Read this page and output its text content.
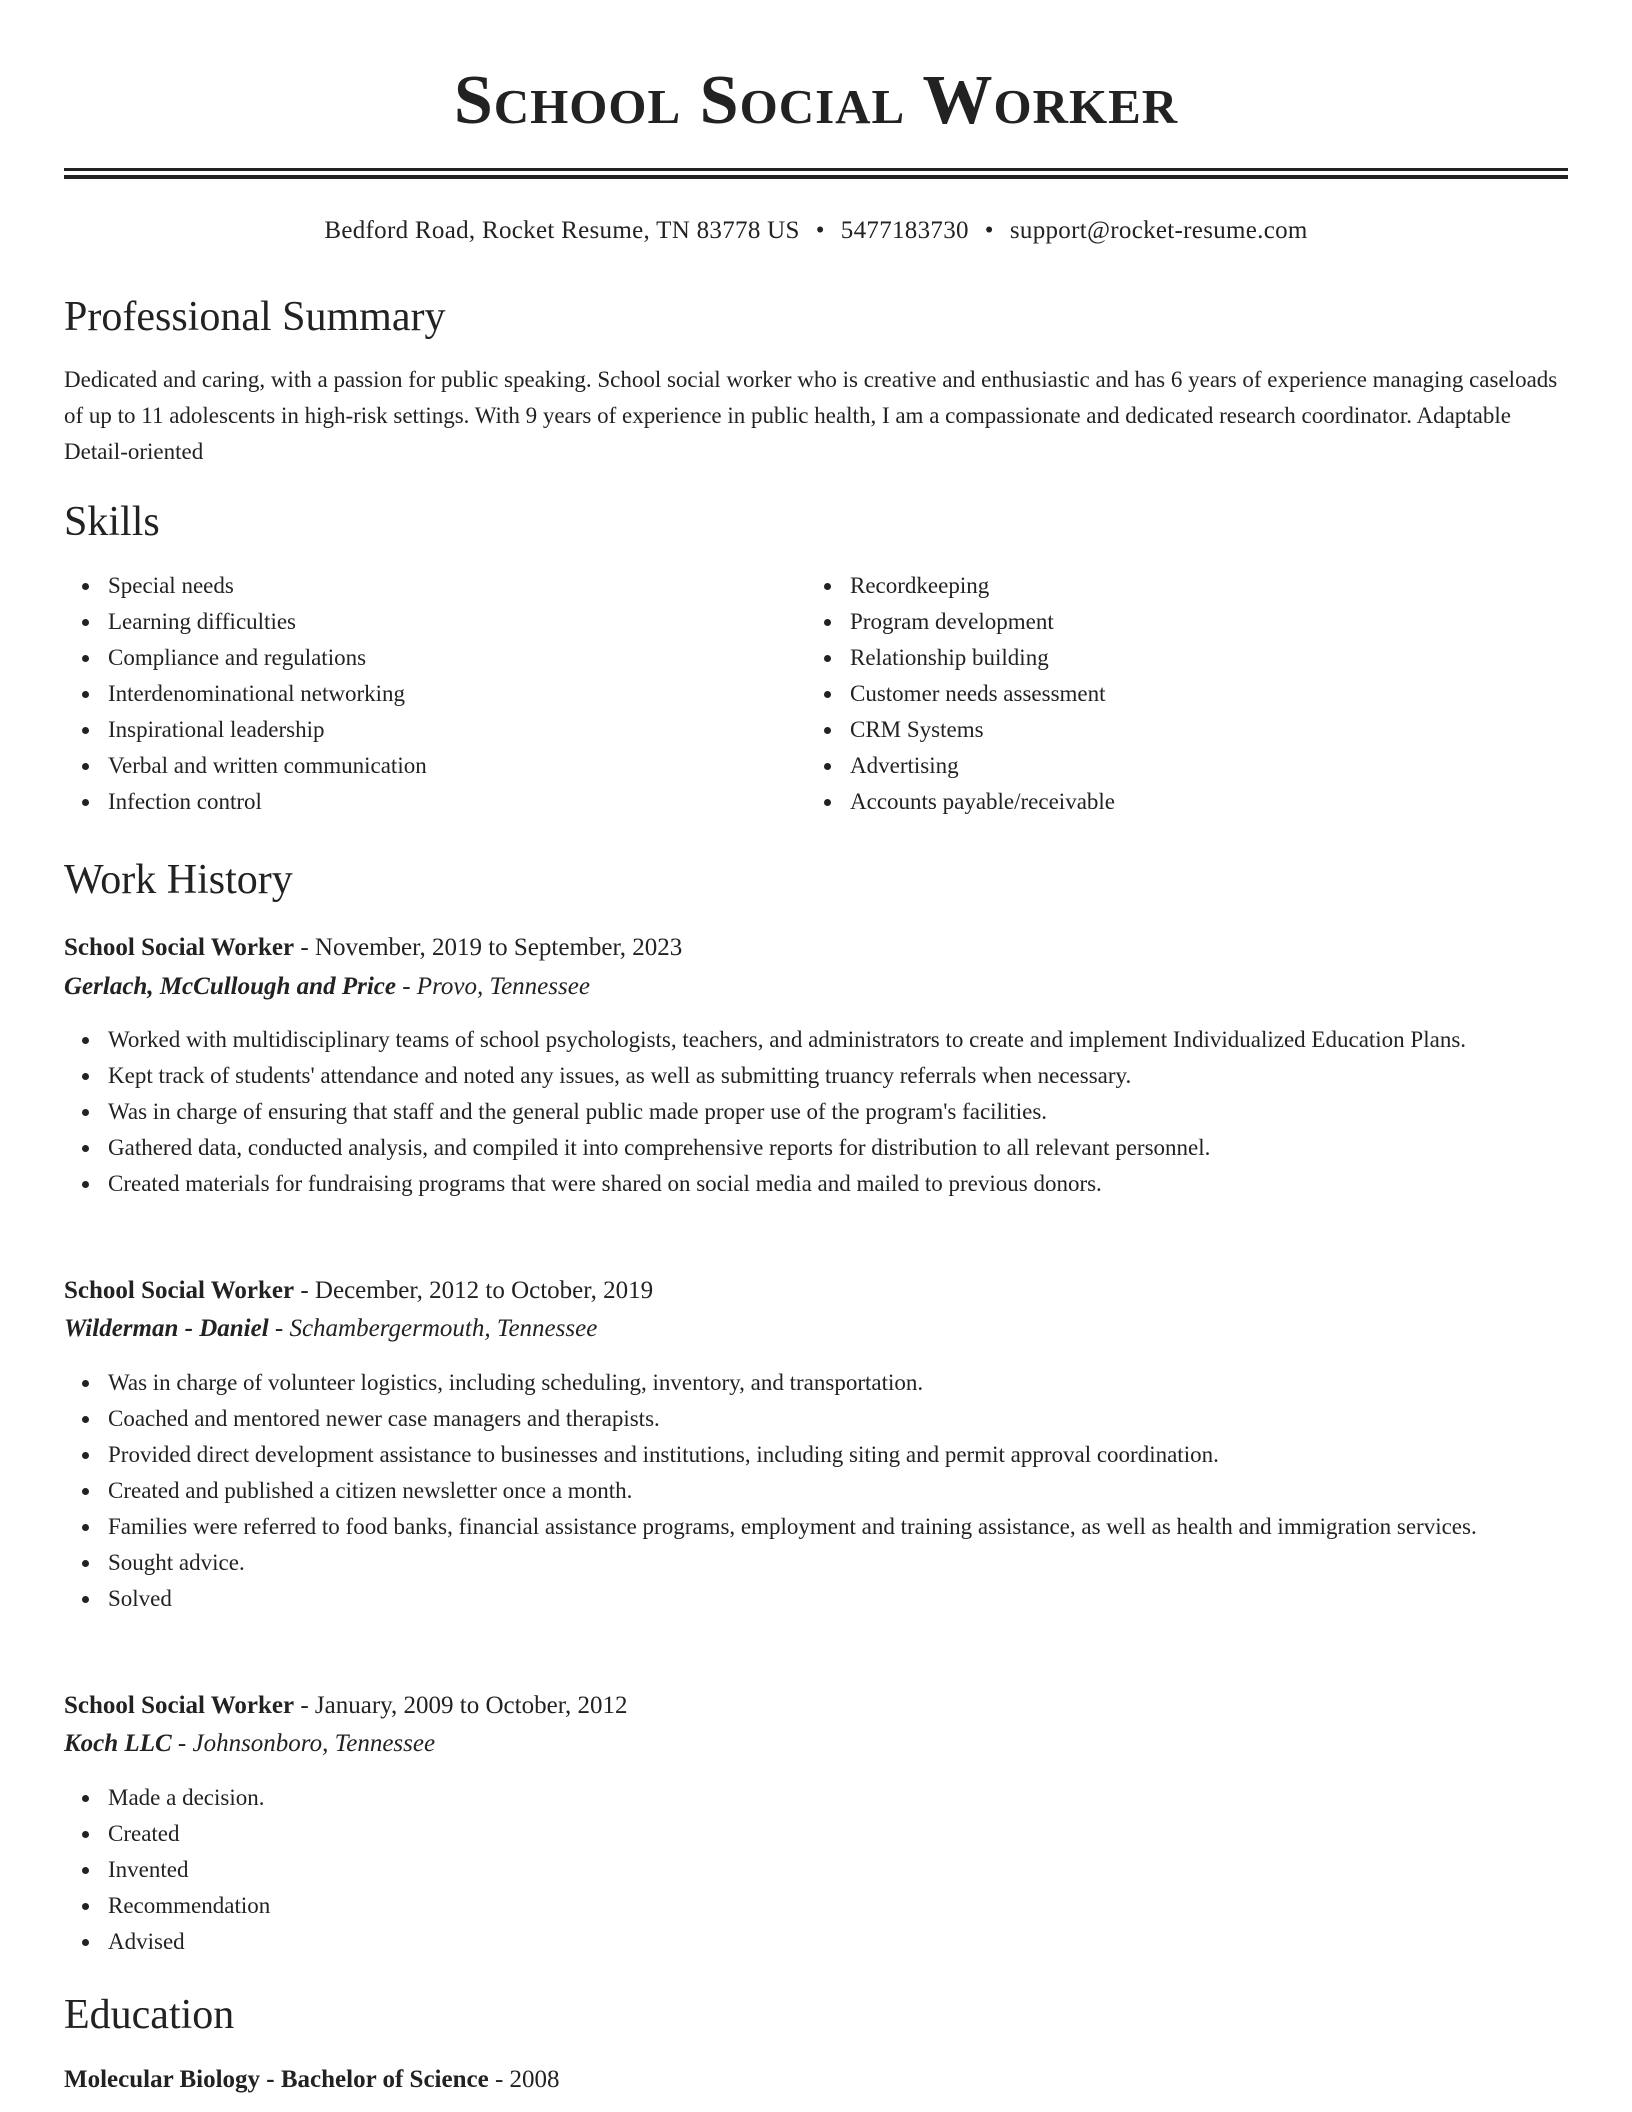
School Social Worker
Bedford Road, Rocket Resume, TN 83778 US • 5477183730 • support@rocket-resume.com
Professional Summary

Dedicated and caring, with a passion for public speaking. School social worker who is creative and enthusiastic and has 6 years of experience managing caseloads of up to 11 adolescents in high-risk settings. With 9 years of experience in public health, I am a compassionate and dedicated research coordinator. Adaptable Detail-oriented

Skills
Special needs
Learning difficulties
Compliance and regulations
Interdenominational networking
Inspirational leadership
Verbal and written communication
Infection control
Recordkeeping
Program development
Relationship building
Customer needs assessment
CRM Systems
Advertising
Accounts payable/receivable
Work History
School Social Worker - November, 2019 to September, 2023
Gerlach, McCullough and Price - Provo, Tennessee
Worked with multidisciplinary teams of school psychologists, teachers, and administrators to create and implement Individualized Education Plans.
Kept track of students' attendance and noted any issues, as well as submitting truancy referrals when necessary.
Was in charge of ensuring that staff and the general public made proper use of the program's facilities.
Gathered data, conducted analysis, and compiled it into comprehensive reports for distribution to all relevant personnel.
Created materials for fundraising programs that were shared on social media and mailed to previous donors.
School Social Worker - December, 2012 to October, 2019
Wilderman - Daniel - Schambergermouth, Tennessee
Was in charge of volunteer logistics, including scheduling, inventory, and transportation.
Coached and mentored newer case managers and therapists.
Provided direct development assistance to businesses and institutions, including siting and permit approval coordination.
Created and published a citizen newsletter once a month.
Families were referred to food banks, financial assistance programs, employment and training assistance, as well as health and immigration services.
Sought advice.
Solved
School Social Worker - January, 2009 to October, 2012
Koch LLC - Johnsonboro, Tennessee
Made a decision.
Created
Invented
Recommendation
Advised
Education
Molecular Biology - Bachelor of Science - 2008
